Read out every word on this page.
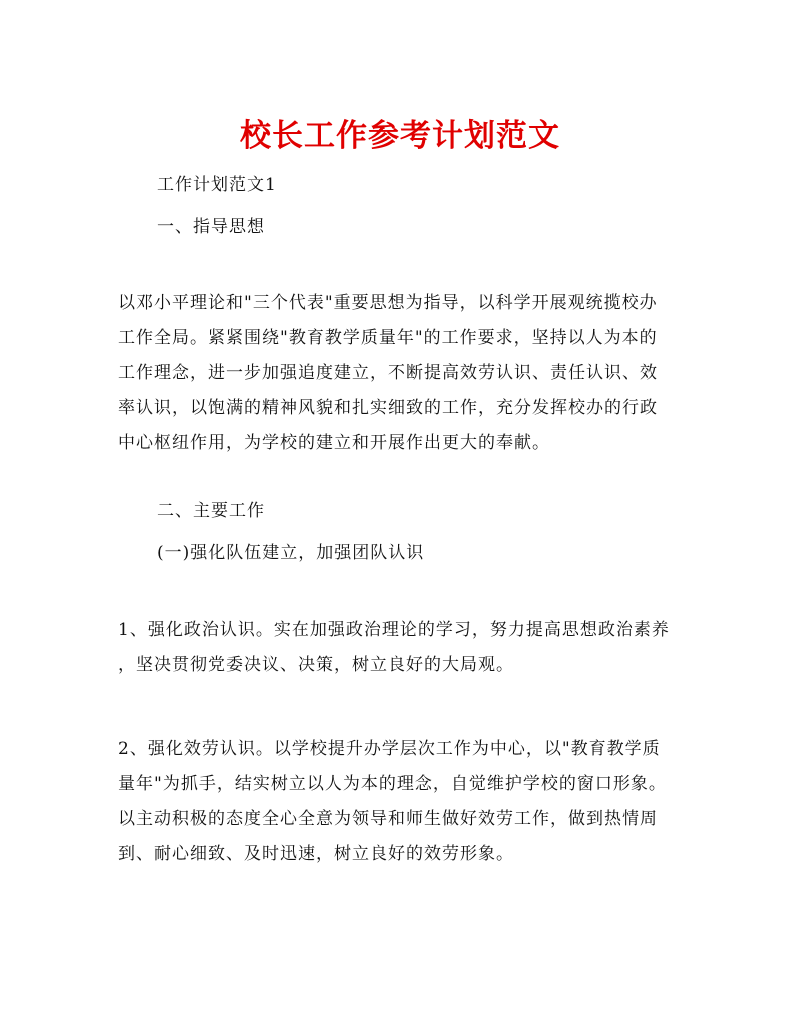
校长工作参考计划范文
工作计划范文1
一、指导思想
以邓小平理论和"三个代表"重要思想为指导，以科学开展观统揽校办
工作全局。紧紧围绕"教育教学质量年"的工作要求，坚持以人为本的
工作理念，进一步加强追度建立，不断提高效劳认识、责任认识、效
率认识，以饱满的精神风貌和扎实细致的工作，充分发挥校办的行政
中心枢纽作用，为学校的建立和开展作出更大的奉献。
二、主要工作
(一)强化队伍建立，加强团队认识
1、强化政治认识。实在加强政治理论的学习，努力提高思想政治素养
，坚决贯彻党委决议、决策，树立良好的大局观。
2、强化效劳认识。以学校提升办学层次工作为中心，以"教育教学质
量年"为抓手，结实树立以人为本的理念，自觉维护学校的窗口形象。
以主动积极的态度全心全意为领导和师生做好效劳工作，做到热情周
到、耐心细致、及时迅速，树立良好的效劳形象。
